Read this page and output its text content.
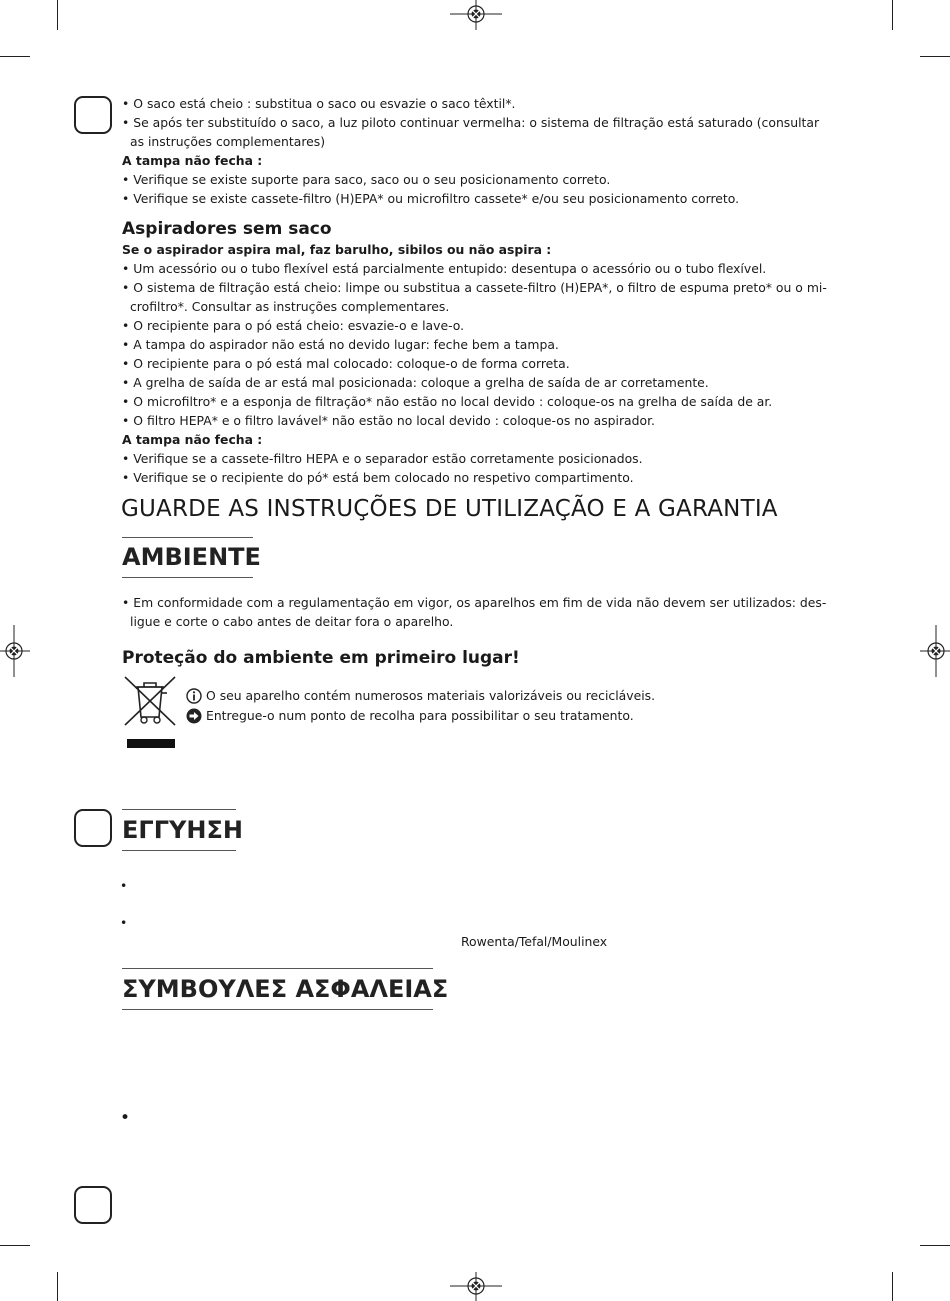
• O saco está cheio : substitua o saco ou esvazie o saco têxtil*.
• Se após ter substituído o saco, a luz piloto continuar vermelha: o sistema de filtração está saturado (consultar
as instruções complementares)
A tampa não fecha :
• Verifique se existe suporte para saco, saco ou o seu posicionamento correto.
• Verifique se existe cassete-filtro (H)EPA* ou microfiltro cassete* e/ou seu posicionamento correto.
Aspiradores sem saco
Se o aspirador aspira mal, faz barulho, sibilos ou não aspira :
• Um acessório ou o tubo flexível está parcialmente entupido: desentupa o acessório ou o tubo flexível.
• O sistema de filtração está cheio: limpe ou substitua a cassete-filtro (H)EPA*, o filtro de espuma preto* ou o mi-
crofiltro*. Consultar as instruções complementares.
• O recipiente para o pó está cheio: esvazie-o e lave-o.
• A tampa do aspirador não está no devido lugar: feche bem a tampa.
• O recipiente para o pó está mal colocado: coloque-o de forma correta.
• A grelha de saída de ar está mal posicionada: coloque a grelha de saída de ar corretamente.
• O microfiltro* e a esponja de filtração* não estão no local devido : coloque-os na grelha de saída de ar.
• O filtro HEPA* e o filtro lavável* não estão no local devido : coloque-os no aspirador.
A tampa não fecha :
• Verifique se a cassete-filtro HEPA e o separador estão corretamente posicionados.
• Verifique se o recipiente do pó* está bem colocado no respetivo compartimento.
GUARDE AS INSTRUÇÕES DE UTILIZAÇÃO E A GARANTIA
AMBIENTE
• Em conformidade com a regulamentação em vigor, os aparelhos em fim de vida não devem ser utilizados: des-
ligue e corte o cabo antes de deitar fora o aparelho.
Proteção do ambiente em primeiro lugar!
O seu aparelho contém numerosos materiais valorizáveis ou recicláveis.
Entregue-o num ponto de recolha para possibilitar o seu tratamento.
ΕΓΓΥΗΣΗ
•
•
Rowenta/Tefal/Moulinex
ΣΥΜΒΟΥΛΕΣ ΑΣΦΑΛΕΙΑΣ
•
